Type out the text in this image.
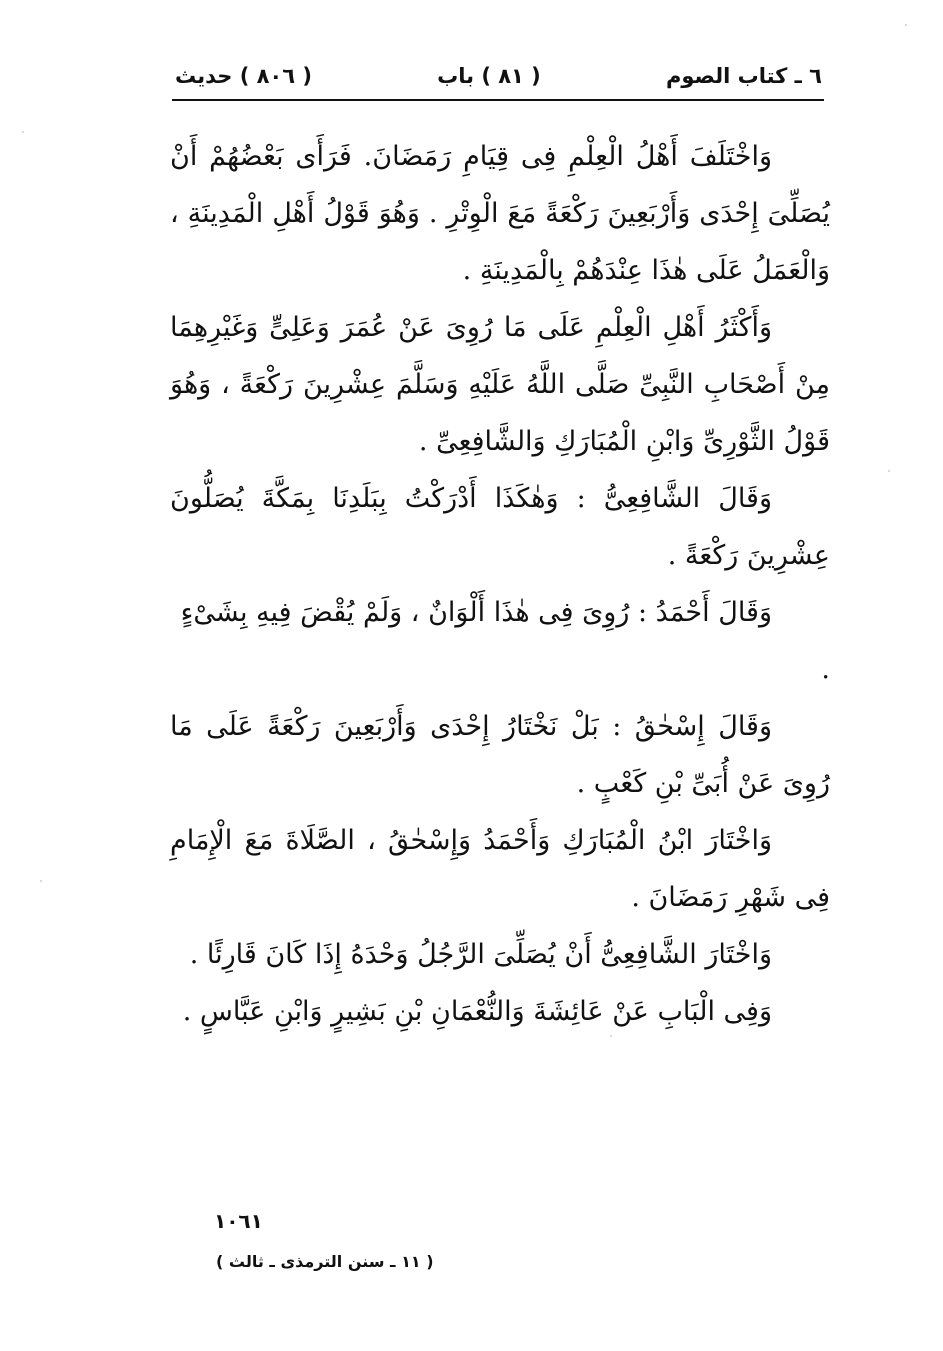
٦ ـ كتاب الصوم
( ٨١ ) باب
( ٨٠٦ ) حديث

وَاخْتَلَفَ أَهْلُ الْعِلْمِ فِى قِيَامِ رَمَضَانَ. فَرَأَى بَعْضُهُمْ أَنْ يُصَلِّىَ إِحْدَى وَأَرْبَعِينَ رَكْعَةً مَعَ الْوِتْرِ . وَهُوَ قَوْلُ أَهْلِ الْمَدِينَةِ ، وَالْعَمَلُ عَلَى هٰذَا عِنْدَهُمْ بِالْمَدِينَةِ .

وَأَكْثَرُ أَهْلِ الْعِلْمِ عَلَى مَا رُوِىَ عَنْ عُمَرَ وَعَلِىٍّ وَغَيْرِهِمَا مِنْ أَصْحَابِ النَّبِىِّ صَلَّى اللَّهُ عَلَيْهِ وَسَلَّمَ عِشْرِينَ رَكْعَةً ، وَهُوَ قَوْلُ الثَّوْرِىِّ وَابْنِ الْمُبَارَكِ وَالشَّافِعِىِّ .

وَقَالَ الشَّافِعِىُّ : وَهٰكَذَا أَدْرَكْتُ بِبَلَدِنَا بِمَكَّةَ يُصَلُّونَ عِشْرِينَ رَكْعَةً .

وَقَالَ أَحْمَدُ : رُوِىَ فِى هٰذَا أَلْوَانٌ ، وَلَمْ يُقْضَ فِيهِ بِشَىْءٍ .

وَقَالَ إِسْحٰقُ : بَلْ نَخْتَارُ إِحْدَى وَأَرْبَعِينَ رَكْعَةً عَلَى مَا رُوِىَ عَنْ أُبَىِّ بْنِ كَعْبٍ .

وَاخْتَارَ ابْنُ الْمُبَارَكِ وَأَحْمَدُ وَإِسْحٰقُ ، الصَّلَاةَ مَعَ الْإِمَامِ فِى شَهْرِ رَمَضَانَ .

وَاخْتَارَ الشَّافِعِىُّ أَنْ يُصَلِّىَ الرَّجُلُ وَحْدَهُ إِذَا كَانَ قَارِئًا .

وَفِى الْبَابِ عَنْ عَائِشَةَ وَالنُّعْمَانِ بْنِ بَشِيرٍ وَابْنِ عَبَّاسٍ .

١٠٦١
( ١١ ـ سنن الترمذى ـ ثالث )
